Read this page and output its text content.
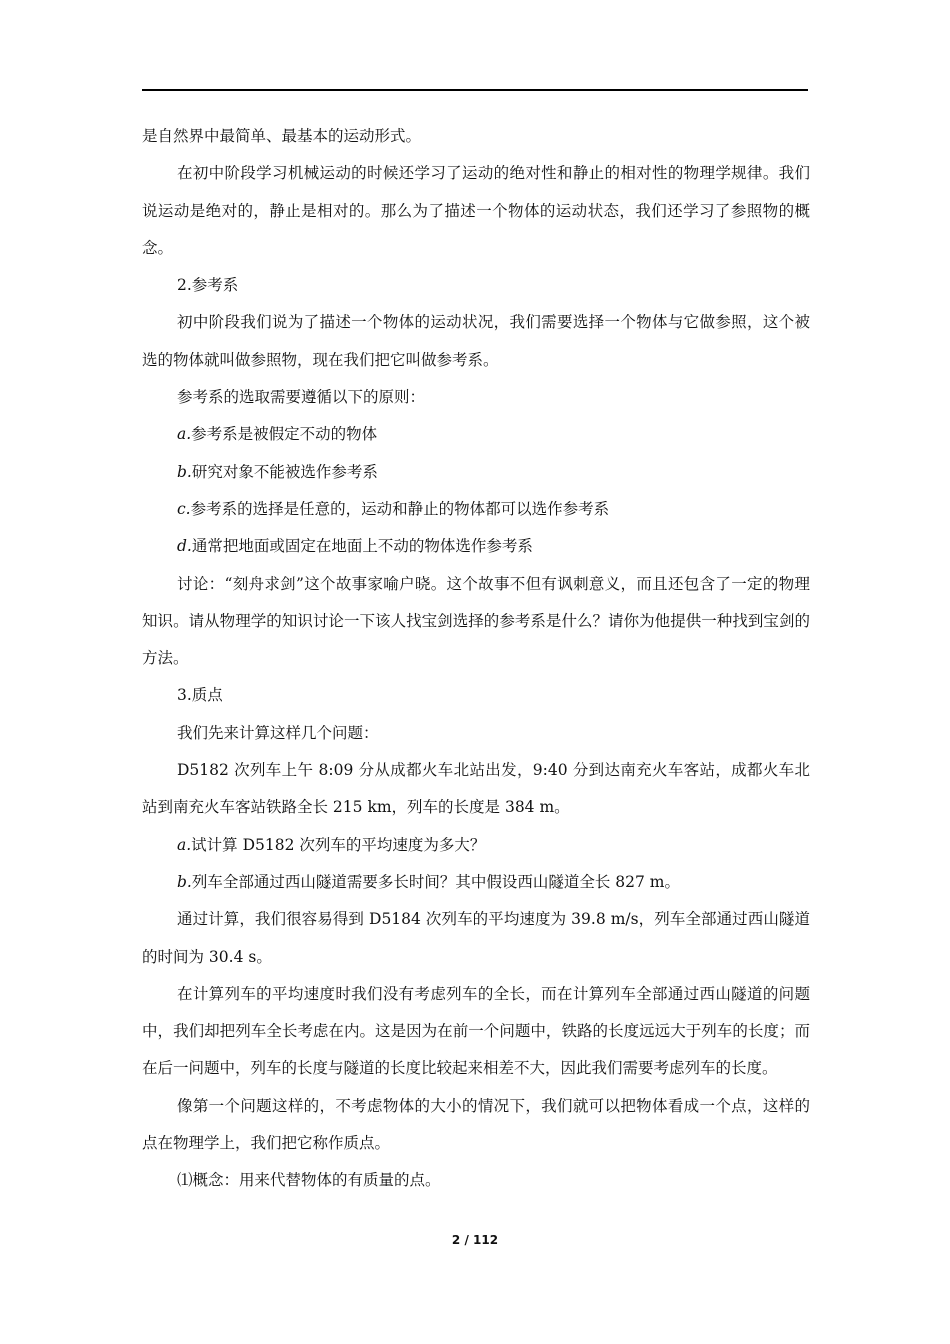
是自然界中最简单、最基本的运动形式。

在初中阶段学习机械运动的时候还学习了运动的绝对性和静止的相对性的物理学规律。我们说运动是绝对的，静止是相对的。那么为了描述一个物体的运动状态，我们还学习了参照物的概念。

2.参考系

初中阶段我们说为了描述一个物体的运动状况，我们需要选择一个物体与它做参照，这个被选的物体就叫做参照物，现在我们把它叫做参考系。

参考系的选取需要遵循以下的原则：

a.参考系是被假定不动的物体

b.研究对象不能被选作参考系

c.参考系的选择是任意的，运动和静止的物体都可以选作参考系

d.通常把地面或固定在地面上不动的物体选作参考系

讨论：“刻舟求剑”这个故事家喻户晓。这个故事不但有讽刺意义，而且还包含了一定的物理知识。请从物理学的知识讨论一下该人找宝剑选择的参考系是什么？请你为他提供一种找到宝剑的方法。

3.质点

我们先来计算这样几个问题：

D5182 次列车上午 8:09 分从成都火车北站出发，9:40 分到达南充火车客站，成都火车北站到南充火车客站铁路全长 215 km，列车的长度是 384 m。

a.试计算 D5182 次列车的平均速度为多大？

b.列车全部通过西山隧道需要多长时间？其中假设西山隧道全长 827 m。

通过计算，我们很容易得到 D5184 次列车的平均速度为 39.8 m/s，列车全部通过西山隧道的时间为 30.4 s。

在计算列车的平均速度时我们没有考虑列车的全长，而在计算列车全部通过西山隧道的问题中，我们却把列车全长考虑在内。这是因为在前一个问题中，铁路的长度远远大于列车的长度；而在后一问题中，列车的长度与隧道的长度比较起来相差不大，因此我们需要考虑列车的长度。

像第一个问题这样的，不考虑物体的大小的情况下，我们就可以把物体看成一个点，这样的点在物理学上，我们把它称作质点。

⑴概念：用来代替物体的有质量的点。

2 / 112
